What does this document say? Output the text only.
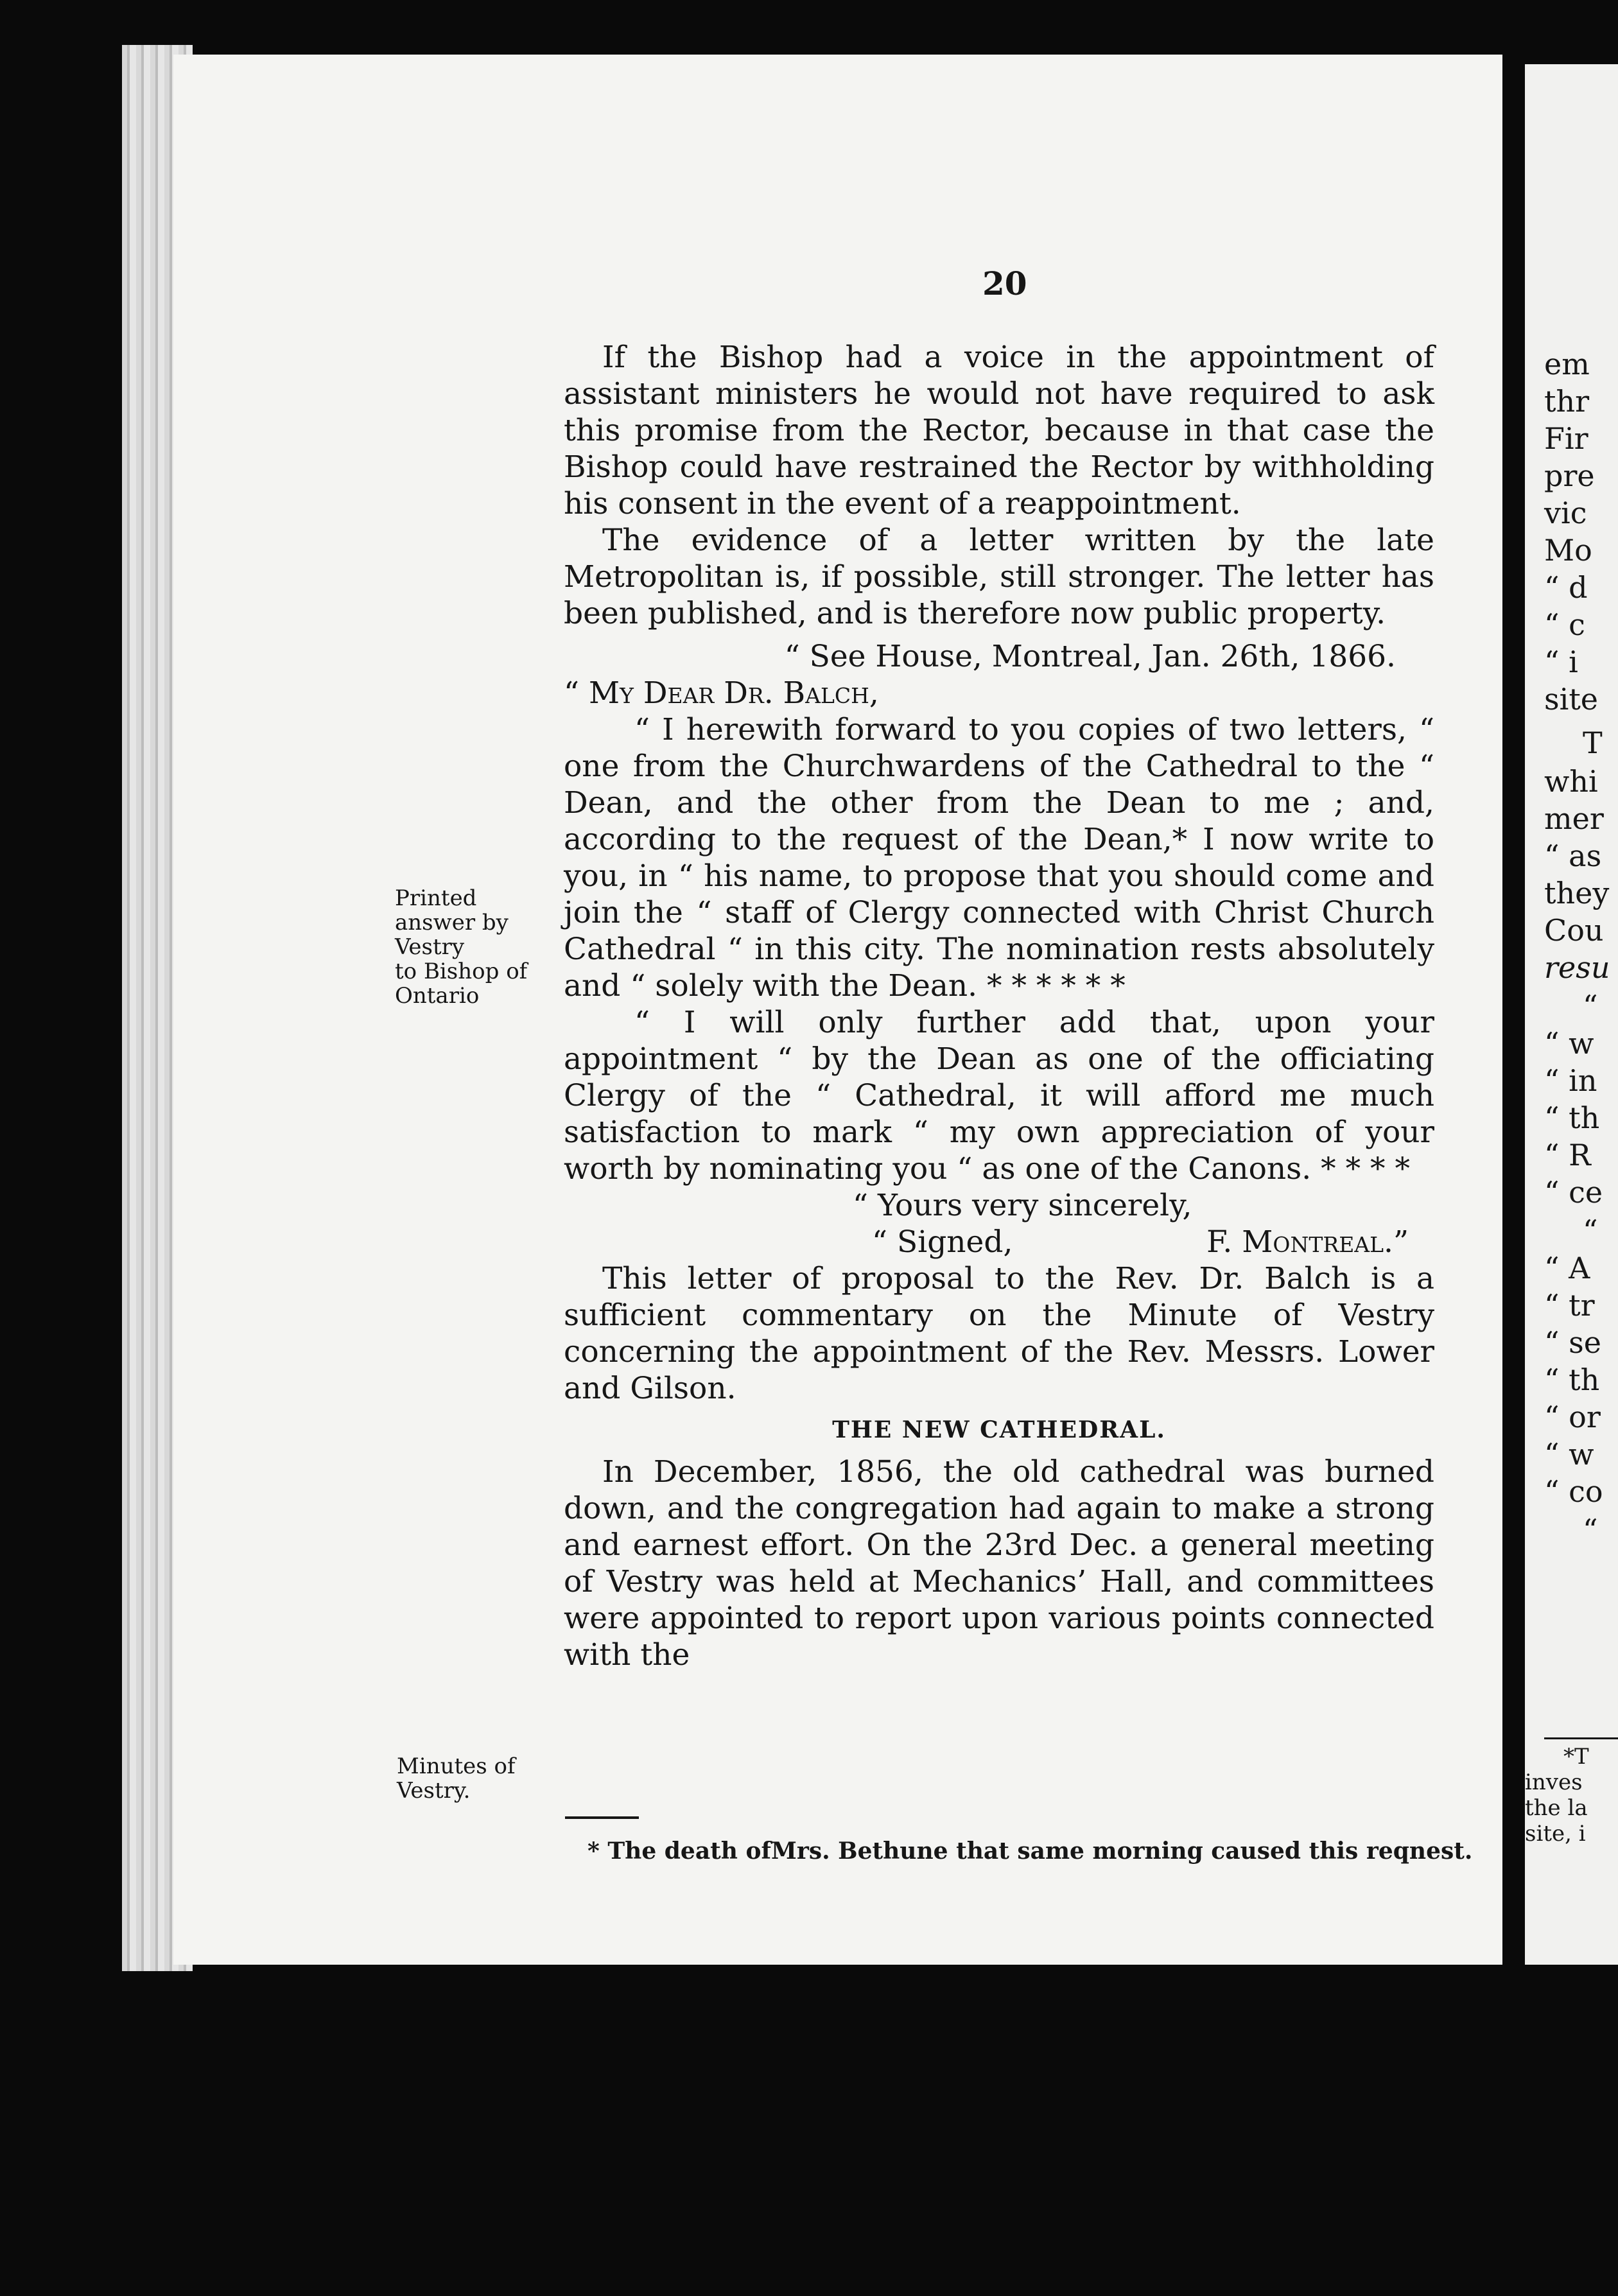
em
thr
Fir
pre
vic
Mo
“ d
“ c
“ i
site
T
whi
mer
“ as
they
Cou
resu
“
“ w
“ in
“ th
“ R
“ ce
“
“ A
“ tr
“ se
“ th
“ or
“ w
“ co
“
*T
inves
the la
site, i
20
Printed
answer by
Vestry
to Bishop of
Ontario
Minutes of
Vestry.

If the Bishop had a voice in the appointment of assistant ministers he would not have required to ask this promise from the Rector, because in that case the Bishop could have restrained the Rector by withholding his consent in the event of a reappointment.

The evidence of a letter written by the late Metropolitan is, if possible, still stronger. The letter has been published, and is therefore now public property.

“ See House, Montreal, Jan. 26th, 1866.

“ My Dear Dr. Balch,

“ I herewith forward to you copies of two letters, “ one from the Churchwardens of the Cathedral to the “ Dean, and the other from the Dean to me ; and, according to the request of the Dean,* I now write to you, in “ his name, to propose that you should come and join the “ staff of Clergy connected with Christ Church Cathedral “ in this city. The nomination rests absolutely and “ solely with the Dean. * * * * * *

“ I will only further add that, upon your appointment “ by the Dean as one of the officiating Clergy of the “ Cathedral, it will afford me much satisfaction to mark “ my own appreciation of your worth by nominating you “ as one of the Canons. * * * *

“ Yours very sincerely,

“ Signed,	F. Montreal.”

This letter of proposal to the Rev. Dr. Balch is a sufficient commentary on the Minute of Vestry concerning the appointment of the Rev. Messrs. Lower and Gilson.

THE NEW CATHEDRAL.

In December, 1856, the old cathedral was burned down, and the congregation had again to make a strong and earnest effort. On the 23rd Dec. a general meeting of Vestry was held at Mechanics’ Hall, and committees were appointed to report upon various points connected with the

* The death ofMrs. Bethune that same morning caused this reqnest.
